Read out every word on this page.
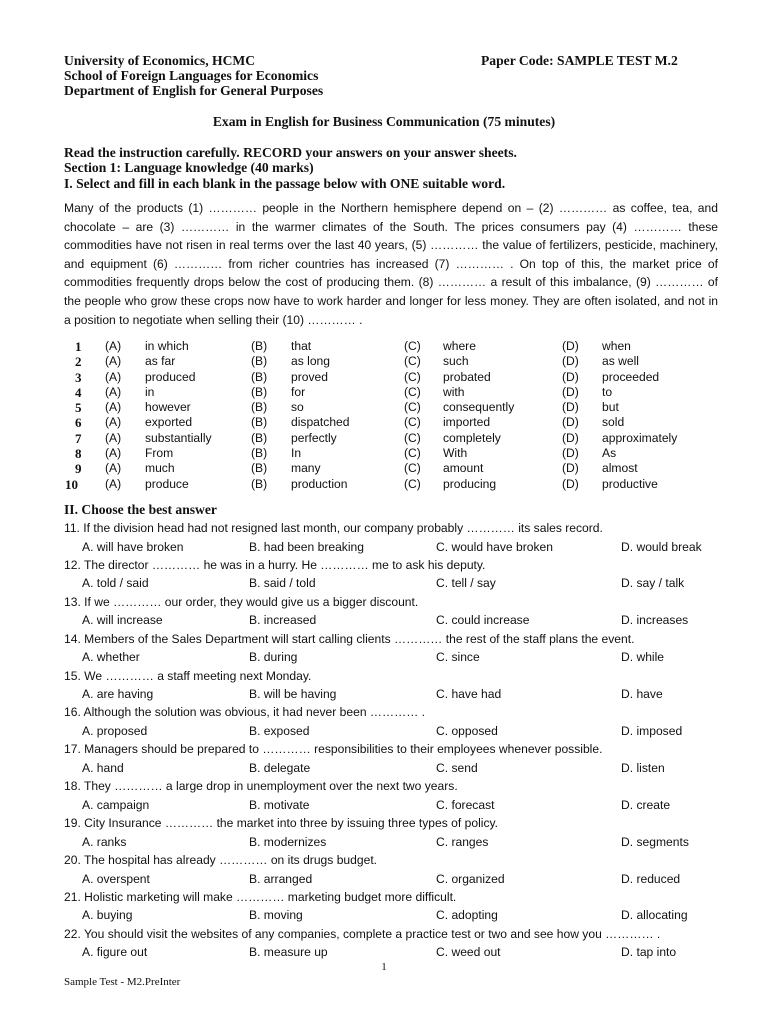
University of Economics, HCMC
School of Foreign Languages for Economics
Department of English for General Purposes
Paper Code: SAMPLE TEST M.2
Exam in English for Business Communication (75 minutes)
Read the instruction carefully. RECORD your answers on your answer sheets.
Section 1: Language knowledge (40 marks)
I. Select and fill in each blank in the passage below with ONE suitable word.
Many of the products (1) ………… people in the Northern hemisphere depend on – (2) ………… as coffee, tea, and chocolate – are (3) ………… in the warmer climates of the South. The prices consumers pay (4) ………… these commodities have not risen in real terms over the last 40 years, (5) ………… the value of fertilizers, pesticide, machinery, and equipment (6) ………… from richer countries has increased (7) ………… . On top of this, the market price of commodities frequently drops below the cost of producing them. (8) ………… a result of this imbalance, (9) ………… of the people who grow these crops now have to work harder and longer for less money. They are often isolated, and not in a position to negotiate when selling their (10) ………… .
1 (A) in which	(B) that	(C) where	(D) when
2 (A) as far	(B) as long	(C) such	(D) as well
3 (A) produced	(B) proved	(C) probated	(D) proceeded
4 (A) in	(B) for	(C) with	(D) to
5 (A) however	(B) so	(C) consequently	(D) but
6 (A) exported	(B) dispatched	(C) imported	(D) sold
7 (A) substantially	(B) perfectly	(C) completely	(D) approximately
8 (A) From	(B) In	(C) With	(D) As
9 (A) much	(B) many	(C) amount	(D) almost
10 (A) produce	(B) production	(C) producing	(D) productive
II. Choose the best answer
11. If the division head had not resigned last month, our company probably ………… its sales record.
A. will have broken	B. had been breaking	C. would have broken	D. would break
12. The director ………… he was in a hurry. He ………… me to ask his deputy.
A. told / said	B. said / told	C. tell / say	D. say / talk
13. If we ………… our order, they would give us a bigger discount.
A. will increase	B. increased	C. could increase	D. increases
14. Members of the Sales Department will start calling clients ………… the rest of the staff plans the event.
A. whether	B. during	C. since	D. while
15. We ………… a staff meeting next Monday.
A. are having	B. will be having	C. have had	D. have
16. Although the solution was obvious, it had never been ………… .
A. proposed	B. exposed	C. opposed	D. imposed
17. Managers should be prepared to ………… responsibilities to their employees whenever possible.
A. hand	B. delegate	C. send	D. listen
18. They ………… a large drop in unemployment over the next two years.
A. campaign	B. motivate	C. forecast	D. create
19. City Insurance ………… the market into three by issuing three types of policy.
A. ranks	B. modernizes	C. ranges	D. segments
20. The hospital has already ………… on its drugs budget.
A. overspent	B. arranged	C. organized	D. reduced
21. Holistic marketing will make ………… marketing budget more difficult.
A. buying	B. moving	C. adopting	D. allocating
22. You should visit the websites of any companies, complete a practice test or two and see how you ………… .
A. figure out	B. measure up	C. weed out	D. tap into
1
Sample Test - M2.PreInter
